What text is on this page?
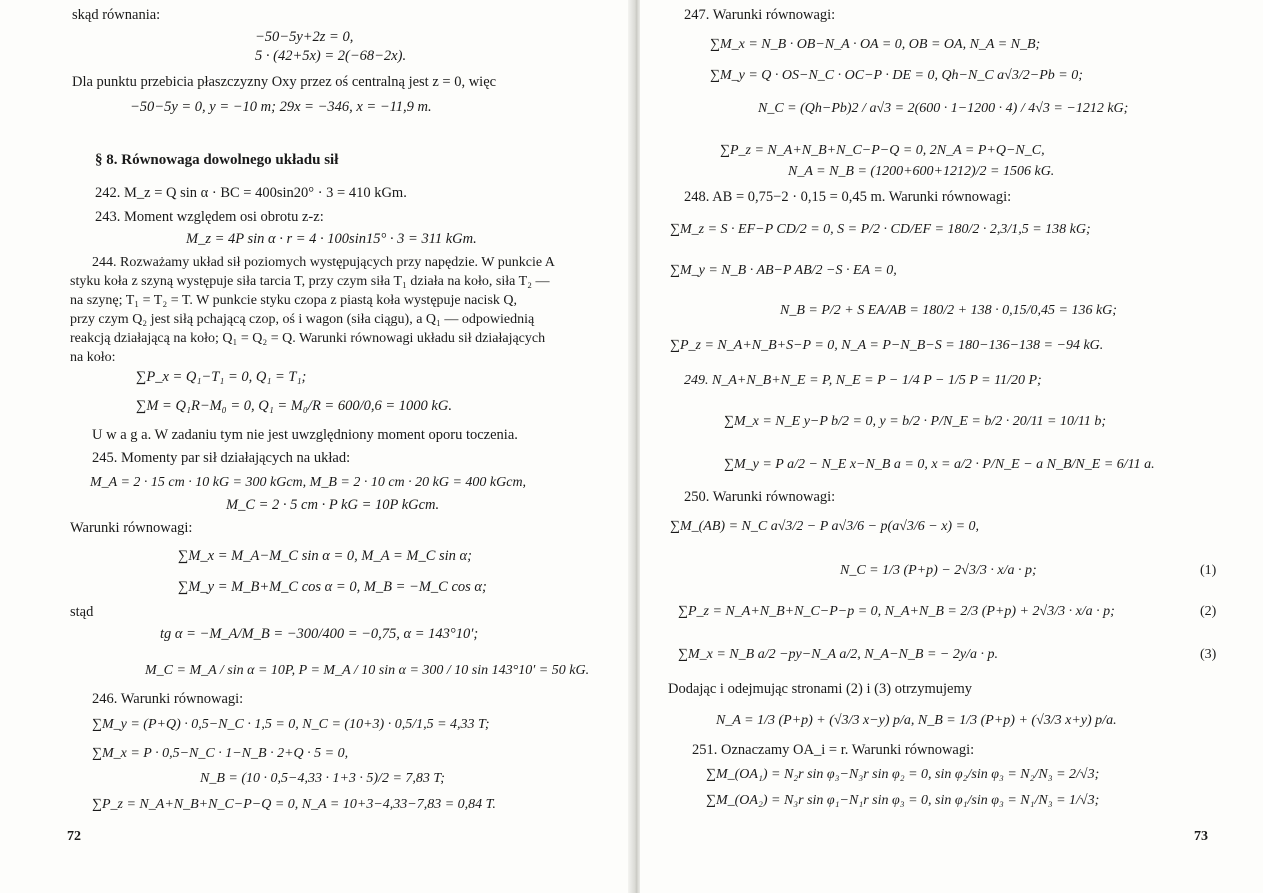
skąd równania:
−50−5y+2z = 0,
5 · (42+5x) = 2(−68−2x).
Dla punktu przebicia płaszczyzny Oxy przez oś centralną jest z = 0, więc
−50−5y = 0, y = −10 m; 29x = −346, x = −11,9 m.
§ 8. Równowaga dowolnego układu sił
242. M_z = Q sin α · BC = 400sin20° · 3 = 410 kGm.
243. Moment względem osi obrotu z-z:
M_z = 4P sin α · r = 4 · 100sin15° · 3 = 311 kGm.
244. Rozważamy układ sił poziomych występujących przy napędzie. W punkcie A
styku koła z szyną występuje siła tarcia T, przy czym siła T₁ działa na koło, siła T₂ —
na szynę; T₁ = T₂ = T. W punkcie styku czopa z piastą koła występuje nacisk Q,
przy czym Q₂ jest siłą pchającą czop, oś i wagon (siła ciągu), a Q₁ — odpowiednią
reakcją działającą na koło; Q₁ = Q₂ = Q. Warunki równowagi układu sił działających
na koło:
∑P_x = Q₁−T₁ = 0, Q₁ = T₁;
∑M = Q₁R−M₀ = 0, Q₁ = M₀/R = 600/0,6 = 1000 kG.
U w a g a. W zadaniu tym nie jest uwzględniony moment oporu toczenia.
245. Momenty par sił działających na układ:
M_A = 2 · 15 cm · 10 kG = 300 kGcm, M_B = 2 · 10 cm · 20 kG = 400 kGcm,
M_C = 2 · 5 cm · P kG = 10P kGcm.
Warunki równowagi:
∑M_x = M_A−M_C sin α = 0, M_A = M_C sin α;
∑M_y = M_B+M_C cos α = 0, M_B = −M_C cos α;
stąd
tg α = −M_A/M_B = −300/400 = −0,75, α = 143°10′;
M_C = M_A / sin α = 10P, P = M_A / 10 sin α = 300 / 10 sin 143°10′ = 50 kG.
246. Warunki równowagi:
∑M_y = (P+Q) · 0,5−N_C · 1,5 = 0, N_C = (10+3) · 0,5/1,5 = 4,33 T;
∑M_x = P · 0,5−N_C · 1−N_B · 2+Q · 5 = 0,
N_B = (10 · 0,5−4,33 · 1+3 · 5)/2 = 7,83 T;
∑P_z = N_A+N_B+N_C−P−Q = 0, N_A = 10+3−4,33−7,83 = 0,84 T.
72
247. Warunki równowagi:
∑M_x = N_B · OB−N_A · OA = 0, OB = OA, N_A = N_B;
∑M_y = Q · OS−N_C · OC−P · DE = 0, Qh−N_C a√3/2−Pb = 0;
N_C = (Qh−Pb)2 / a√3 = 2(600 · 1−1200 · 4) / 4√3 = −1212 kG;
∑P_z = N_A+N_B+N_C−P−Q = 0, 2N_A = P+Q−N_C,
N_A = N_B = (1200+600+1212)/2 = 1506 kG.
248. AB = 0,75−2 · 0,15 = 0,45 m. Warunki równowagi:
∑M_z = S · EF−P CD/2 = 0, S = P/2 · CD/EF = 180/2 · 2,3/1,5 = 138 kG;
∑M_y = N_B · AB−P AB/2 −S · EA = 0,
N_B = P/2 + S EA/AB = 180/2 + 138 · 0,15/0,45 = 136 kG;
∑P_z = N_A+N_B+S−P = 0, N_A = P−N_B−S = 180−136−138 = −94 kG.
249. N_A+N_B+N_E = P, N_E = P − 1/4 P − 1/5 P = 11/20 P;
∑M_x = N_E y−P b/2 = 0, y = b/2 · P/N_E = b/2 · 20/11 = 10/11 b;
∑M_y = P a/2 − N_E x−N_B a = 0, x = a/2 · P/N_E − a N_B/N_E = 6/11 a.
250. Warunki równowagi:
∑M_(AB) = N_C a√3/2 − P a√3/6 − p(a√3/6 − x) = 0,
N_C = 1/3 (P+p) − 2√3/3 · x/a · p;	(1)
∑P_z = N_A+N_B+N_C−P−p = 0, N_A+N_B = 2/3 (P+p) + 2√3/3 · x/a · p;	(2)
∑M_x = N_B a/2 −py−N_A a/2, N_A−N_B = − 2y/a · p.	(3)
Dodając i odejmując stronami (2) i (3) otrzymujemy
N_A = 1/3 (P+p) + (√3/3 x−y) p/a, N_B = 1/3 (P+p) + (√3/3 x+y) p/a.
251. Oznaczamy OA_i = r. Warunki równowagi:
∑M_(OA₁) = N₂r sin φ₃−N₃r sin φ₂ = 0, sin φ₂/sin φ₃ = N₂/N₃ = 2/√3;
∑M_(OA₂) = N₃r sin φ₁−N₁r sin φ₃ = 0, sin φ₁/sin φ₃ = N₁/N₃ = 1/√3;
73
